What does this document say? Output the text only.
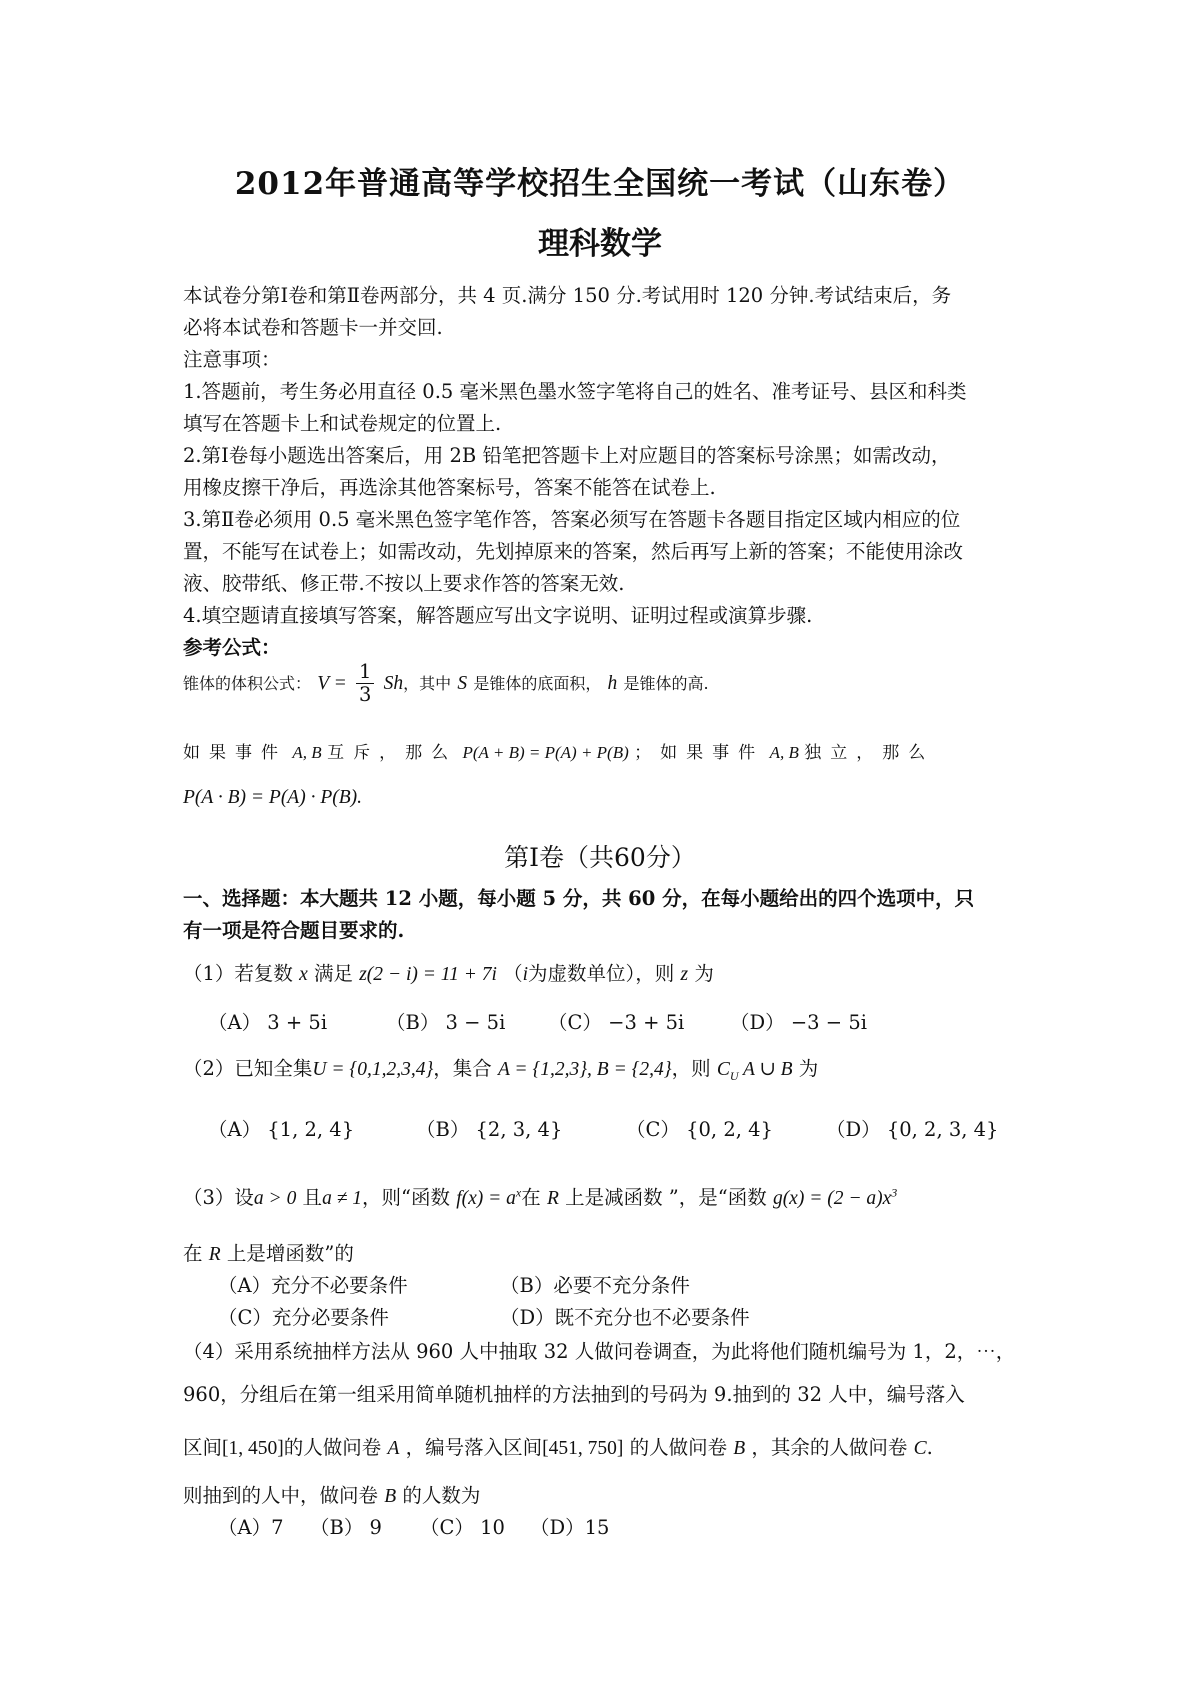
2012年普通高等学校招生全国统一考试（山东卷）
理科数学
本试卷分第Ⅰ卷和第Ⅱ卷两部分，共 4 页.满分 150 分.考试用时 120 分钟.考试结束后，务
必将本试卷和答题卡一并交回.
注意事项：
1.答题前，考生务必用直径 0.5 毫米黑色墨水签字笔将自己的姓名、准考证号、县区和科类
填写在答题卡上和试卷规定的位置上.
2.第Ⅰ卷每小题选出答案后，用 2B 铅笔把答题卡上对应题目的答案标号涂黑；如需改动，
用橡皮擦干净后，再选涂其他答案标号，答案不能答在试卷上.
3.第Ⅱ卷必须用 0.5 毫米黑色签字笔作答，答案必须写在答题卡各题目指定区域内相应的位
置，不能写在试卷上；如需改动，先划掉原来的答案，然后再写上新的答案；不能使用涂改
液、胶带纸、修正带.不按以上要求作答的答案无效.
4.填空题请直接填写答案，解答题应写出文字说明、证明过程或演算步骤.
参考公式：
锥体的体积公式： $V = \frac{1}{3}$ Sh，其中 S 是锥体的底面积， h 是锥体的高.
如果事件 A, B 互斥，那么 P(A + B) = P(A) + P(B) ；如果事件 A, B 独立，那么
P(A · B) = P(A) · P(B).
第Ⅰ卷（共60分）
一、选择题：本大题共 12 小题，每小题 5 分，共 60 分，在每小题给出的四个选项中，只
有一项是符合题目要求的.
（1）若复数 x 满足 z(2 − i) = 11 + 7i （i为虚数单位），则 z 为
（A） 3 + 5i	（B） 3 − 5i （C） −3 + 5i （D） −3 − 5i
（2）已知全集U = {0,1,2,3,4}，集合 A = {1,2,3}, B = {2,4}，则 $C_U$ A ∪ B 为
（A） {1, 2, 4}	（B） {2, 3, 4}	（C） {0, 2, 4}	（D） {0, 2, 3, 4}
（3）设a > 0 且a ≠ 1，则“函数 $f(x) = a^x$在 R 上是减函数 ”，是“函数 $g(x) = (2 - a)x^3$
在 R 上是增函数”的
（A）充分不必要条件	（B）必要不充分条件
（C）充分必要条件	（D）既不充分也不必要条件
（4）采用系统抽样方法从 960 人中抽取 32 人做问卷调查，为此将他们随机编号为 1，2，⋯，
960，分组后在第一组采用简单随机抽样的方法抽到的号码为 9.抽到的 32 人中，编号落入
区间[1, 450]的人做问卷 A ，编号落入区间[451, 750] 的人做问卷 B ，其余的人做问卷 C.
则抽到的人中，做问卷 B 的人数为
（A）7 （B） 9 （C） 10 （D）15
